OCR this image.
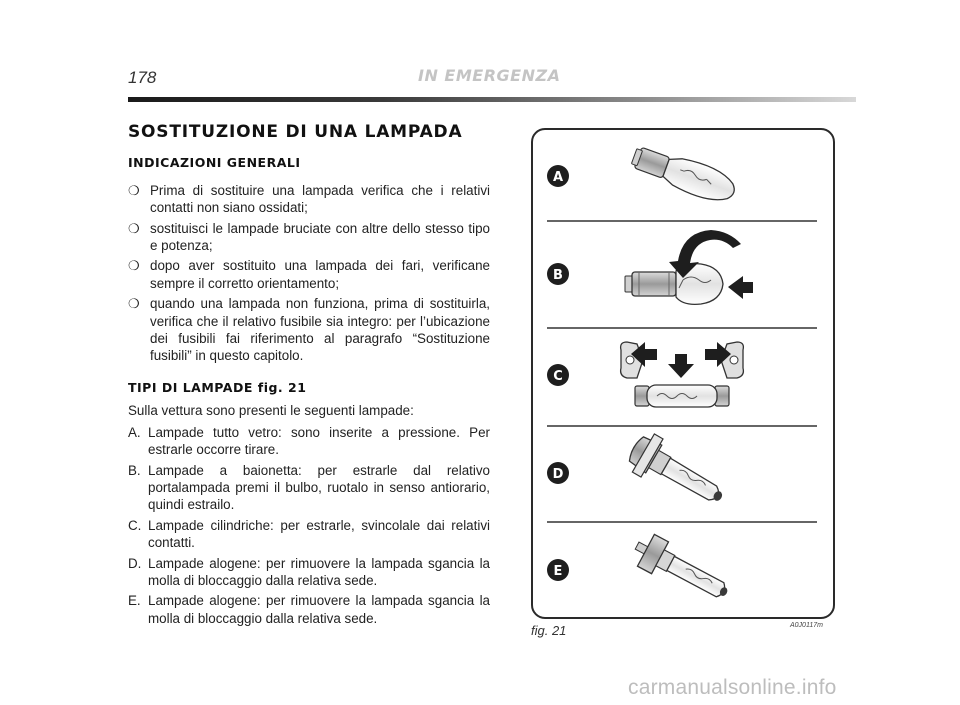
178	IN EMERGENZA
SOSTITUZIONE DI UNA LAMPADA
INDICAZIONI GENERALI
❍ Prima di sostituire una lampada verifica che i relativi contatti non siano ossidati;
❍ sostituisci le lampade bruciate con altre dello stesso tipo e potenza;
❍ dopo aver sostituito una lampada dei fari, verificane sempre il corretto orientamento;
❍ quando una lampada non funziona, prima di sostituirla, verifica che il relativo fusibile sia integro: per l’ubicazione dei fusibili fai riferimento al paragrafo “Sostituzione fusibili” in questo capitolo.
TIPI DI LAMPADE fig. 21

Sulla vettura sono presenti le seguenti lampade:

A. Lampade tutto vetro: sono inserite a pressione. Per estrarle occorre tirare.
B. Lampade a baionetta: per estrarle dal relativo portalampada premi il bulbo, ruotalo in senso antiorario, quindi estrailo.
C. Lampade cilindriche: per estrarle, svincolale dai relativi contatti.
D. Lampade alogene: per rimuovere la lampada sgancia la molla di bloccaggio dalla relativa sede.
E. Lampade alogene: per rimuovere la lampada sgancia la molla di bloccaggio dalla relativa sede.
A
B
C
D
E
fig. 21	A0J0117m
carmanualsonline.info
